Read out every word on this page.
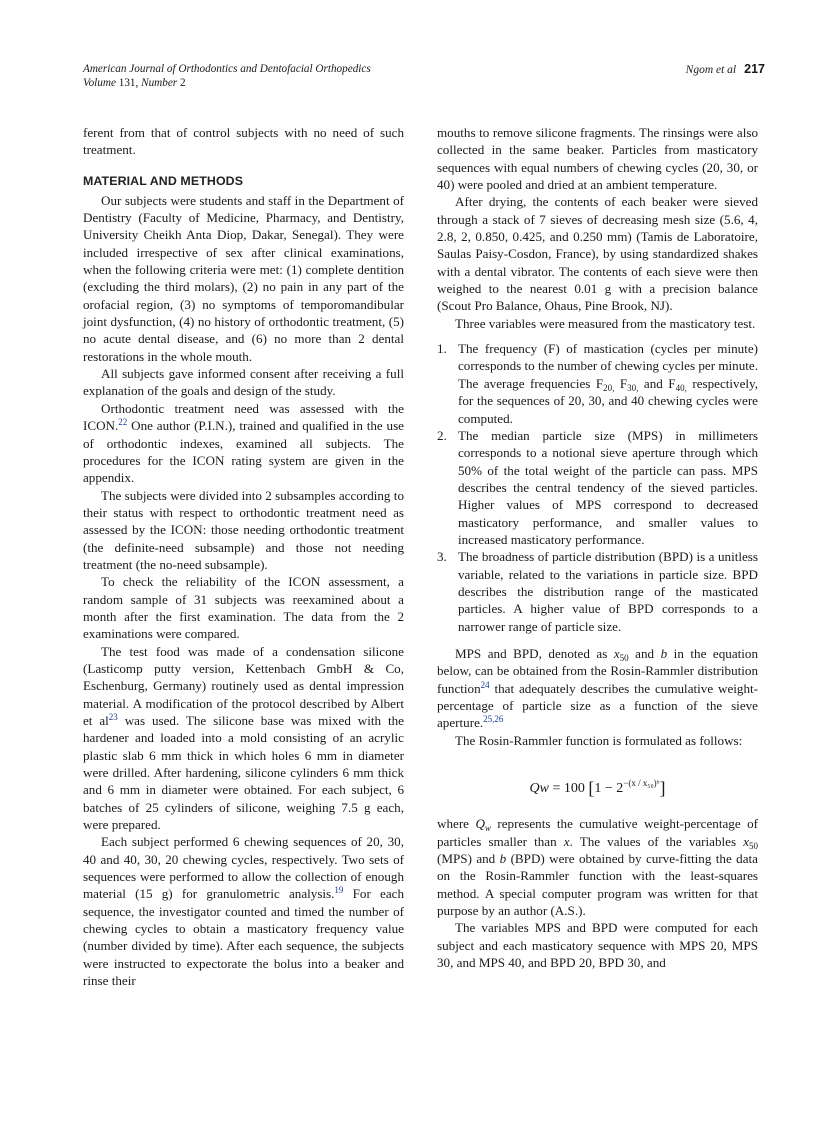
American Journal of Orthodontics and Dentofacial Orthopedics
Volume 131, Number 2
Ngom et al 217

ferent from that of control subjects with no need of such treatment.

MATERIAL AND METHODS

Our subjects were students and staff in the Department of Dentistry (Faculty of Medicine, Pharmacy, and Dentistry, University Cheikh Anta Diop, Dakar, Senegal). They were included irrespective of sex after clinical examinations, when the following criteria were met: (1) complete dentition (excluding the third molars), (2) no pain in any part of the orofacial region, (3) no symptoms of temporomandibular joint dysfunction, (4) no history of orthodontic treatment, (5) no acute dental disease, and (6) no more than 2 dental restorations in the whole mouth.

All subjects gave informed consent after receiving a full explanation of the goals and design of the study.

Orthodontic treatment need was assessed with the ICON.$^{22}$ One author (P.I.N.), trained and qualified in the use of orthodontic indexes, examined all subjects. The procedures for the ICON rating system are given in the appendix.

The subjects were divided into 2 subsamples according to their status with respect to orthodontic treatment need as assessed by the ICON: those needing orthodontic treatment (the definite-need subsample) and those not needing treatment (the no-need subsample).

To check the reliability of the ICON assessment, a random sample of 31 subjects was reexamined about a month after the first examination. The data from the 2 examinations were compared.

The test food was made of a condensation silicone (Lasticomp putty version, Kettenbach GmbH & Co, Eschenburg, Germany) routinely used as dental impression material. A modification of the protocol described by Albert et $al^{23}$ was used. The silicone base was mixed with the hardener and loaded into a mold consisting of an acrylic plastic slab 6 mm thick in which holes 6 mm in diameter were drilled. After hardening, silicone cylinders 6 mm thick and 6 mm in diameter were obtained. For each subject, 6 batches of 25 cylinders of silicone, weighing 7.5 g each, were prepared.

Each subject performed 6 chewing sequences of 20, 30, 40 and 40, 30, 20 chewing cycles, respectively. Two sets of sequences were performed to allow the collection of enough material (15 g) for granulometric analysis.$^{19}$ For each sequence, the investigator counted and timed the number of chewing cycles to obtain a masticatory frequency value (number divided by time). After each sequence, the subjects were instructed to expectorate the bolus into a beaker and rinse their

mouths to remove silicone fragments. The rinsings were also collected in the same beaker. Particles from masticatory sequences with equal numbers of chewing cycles (20, 30, or 40) were pooled and dried at an ambient temperature.

After drying, the contents of each beaker were sieved through a stack of 7 sieves of decreasing mesh size (5.6, 4, 2.8, 2, 0.850, 0.425, and 0.250 mm) (Tamis de Laboratoire, Saulas Paisy-Cosdon, France), by using standardized shakes with a dental vibrator. The contents of each sieve were then weighed to the nearest 0.01 g with a precision balance (Scout Pro Balance, Ohaus, Pine Brook, NJ).

Three variables were measured from the masticatory test.

1. The frequency (F) of mastication (cycles per minute) corresponds to the number of chewing cycles per minute. The average frequencies $F_{20,}$ $F_{30,}$ and $F_{40,}$ respectively, for the sequences of 20, 30, and 40 chewing cycles were computed.
2. The median particle size (MPS) in millimeters corresponds to a notional sieve aperture through which 50% of the total weight of the particle can pass. MPS describes the central tendency of the sieved particles. Higher values of MPS correspond to decreased masticatory performance, and smaller values to increased masticatory performance.
3. The broadness of particle distribution (BPD) is a unitless variable, related to the variations in particle size. BPD describes the distribution range of the masticated particles. A higher value of BPD corresponds to a narrower range of particle size.

MPS and BPD, denoted as $x_{50}$ and b in the equation below, can be obtained from the Rosin-Rammler distribution function$^{24}$ that adequately describes the cumulative weight-percentage of particle size as a function of the sieve aperture.$^{25,26}$

The Rosin-Rammler function is formulated as follows:

Qw = 100 $[1 - 2^{-(x / x_{50})ᵇ}]$

where $Q_w$ represents the cumulative weight-percentage of particles smaller than x. The values of the variables $x_{50}$ (MPS) and b (BPD) were obtained by curve-fitting the data on the Rosin-Rammler function with the least-squares method. A special computer program was written for that purpose by an author (A.S.).

The variables MPS and BPD were computed for each subject and each masticatory sequence with MPS 20, MPS 30, and MPS 40, and BPD 20, BPD 30, and
